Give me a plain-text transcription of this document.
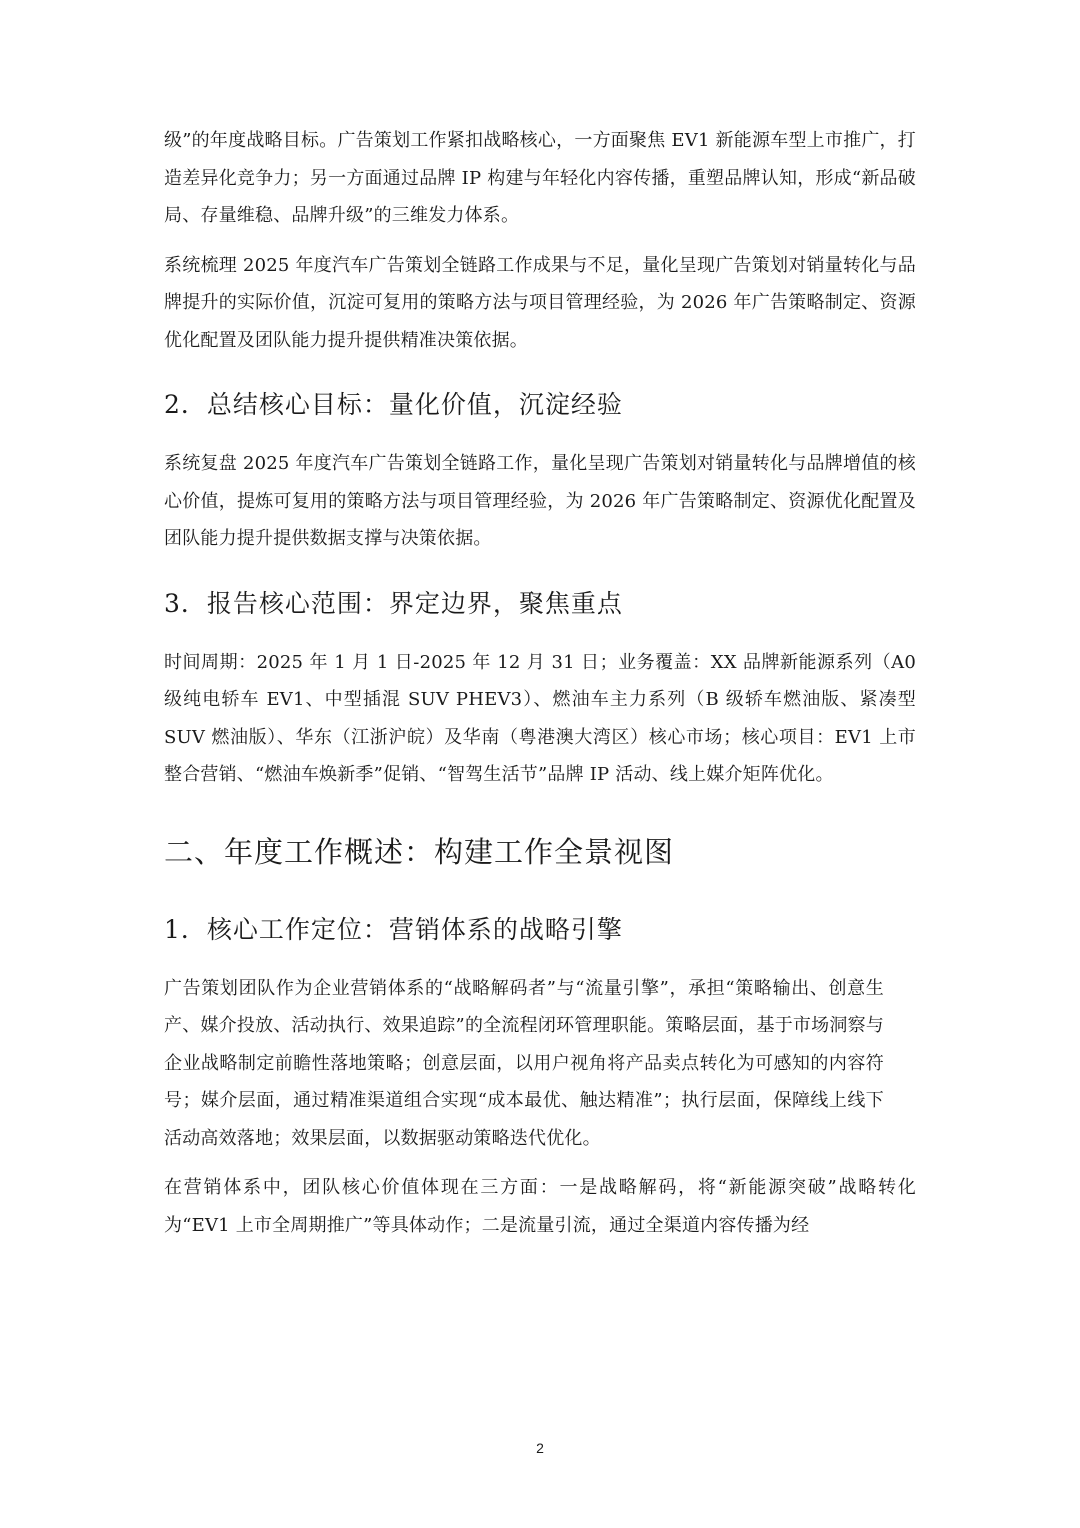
级”的年度战略目标。广告策划工作紧扣战略核心，一方面聚焦 EV1 新能源车型上市推广，打造差异化竞争力；另一方面通过品牌 IP 构建与年轻化内容传播，重塑品牌认知，形成“新品破局、存量维稳、品牌升级”的三维发力体系。

系统梳理 2025 年度汽车广告策划全链路工作成果与不足，量化呈现广告策划对销量转化与品牌提升的实际价值，沉淀可复用的策略方法与项目管理经验，为 2026 年广告策略制定、资源优化配置及团队能力提升提供精准决策依据。

2．总结核心目标：量化价值，沉淀经验

系统复盘 2025 年度汽车广告策划全链路工作，量化呈现广告策划对销量转化与品牌增值的核心价值，提炼可复用的策略方法与项目管理经验，为 2026 年广告策略制定、资源优化配置及团队能力提升提供数据支撑与决策依据。

3．报告核心范围：界定边界，聚焦重点

时间周期：2025 年 1 月 1 日-2025 年 12 月 31 日；业务覆盖：XX 品牌新能源系列（A0 级纯电轿车 EV1、中型插混 SUV PHEV3）、燃油车主力系列（B 级轿车燃油版、紧凑型 SUV 燃油版）、华东（江浙沪皖）及华南（粤港澳大湾区）核心市场；核心项目：EV1 上市整合营销、“燃油车焕新季”促销、“智驾生活节”品牌 IP 活动、线上媒介矩阵优化。

二、年度工作概述：构建工作全景视图
1．核心工作定位：营销体系的战略引擎

广告策划团队作为企业营销体系的“战略解码者”与“流量引擎”，承担“策略输出、创意生产、媒介投放、活动执行、效果追踪”的全流程闭环管理职能。策略层面，基于市场洞察与企业战略制定前瞻性落地策略；创意层面，以用户视角将产品卖点转化为可感知的内容符号；媒介层面，通过精准渠道组合实现“成本最优、触达精准”；执行层面，保障线上线下活动高效落地；效果层面，以数据驱动策略迭代优化。

在营销体系中，团队核心价值体现在三方面：一是战略解码，将“新能源突破”战略转化为“EV1 上市全周期推广”等具体动作；二是流量引流，通过全渠道内容传播为经

2
